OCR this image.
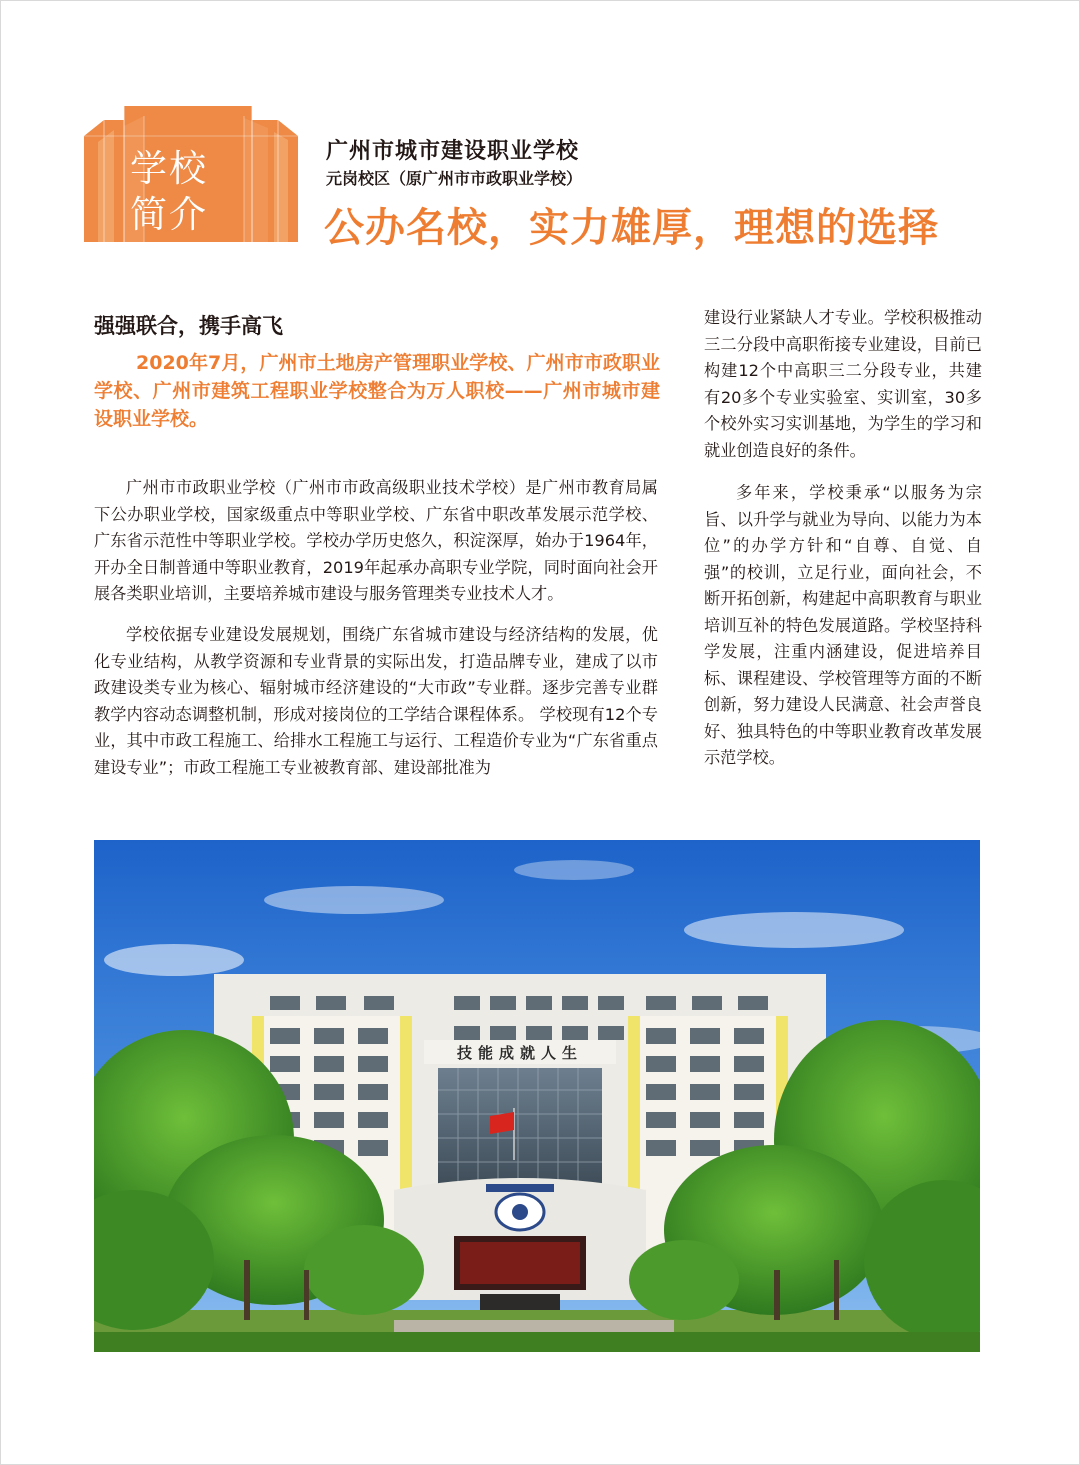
学校
简介
广州市城市建设职业学校
元岗校区（原广州市市政职业学校）
公办名校，实力雄厚，理想的选择
强强联合，携手高飞
2020年7月，广州市土地房产管理职业学校、广州市市政职业学校、广州市建筑工程职业学校整合为万人职校——广州市城市建设职业学校。

广州市市政职业学校（广州市市政高级职业技术学校）是广州市教育局属下公办职业学校，国家级重点中等职业学校、广东省中职改革发展示范学校、广东省示范性中等职业学校。学校办学历史悠久，积淀深厚，始办于1964年，开办全日制普通中等职业教育，2019年起承办高职专业学院，同时面向社会开展各类职业培训，主要培养城市建设与服务管理类专业技术人才。

学校依据专业建设发展规划，围绕广东省城市建设与经济结构的发展，优化专业结构，从教学资源和专业背景的实际出发，打造品牌专业，建成了以市政建设类专业为核心、辐射城市经济建设的“大市政”专业群。逐步完善专业群教学内容动态调整机制，形成对接岗位的工学结合课程体系。 学校现有12个专业，其中市政工程施工、给排水工程施工与运行、工程造价专业为“广东省重点建设专业”；市政工程施工专业被教育部、建设部批准为

建设行业紧缺人才专业。学校积极推动三二分段中高职衔接专业建设，目前已构建12个中高职三二分段专业，共建有20多个专业实验室、实训室，30多个校外实习实训基地，为学生的学习和就业创造良好的条件。

多年来，学校秉承“以服务为宗旨、以升学与就业为导向、以能力为本位”的办学方针和“自尊、自觉、自强”的校训，立足行业，面向社会，不断开拓创新，构建起中高职教育与职业培训互补的特色发展道路。学校坚持科学发展，注重内涵建设，促进培养目标、课程建设、学校管理等方面的不断创新，努力建设人民满意、社会声誉良好、独具特色的中等职业教育改革发展示范学校。

技能成就人生
